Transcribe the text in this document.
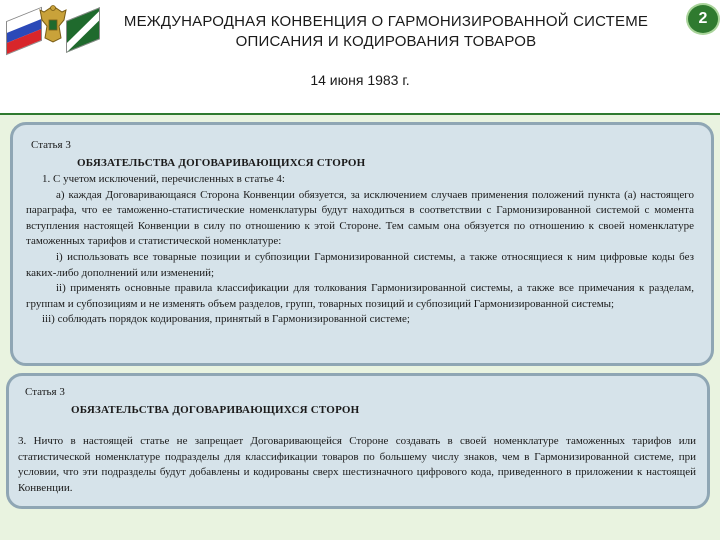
МЕЖДУНАРОДНАЯ КОНВЕНЦИЯ О ГАРМОНИЗИРОВАННОЙ СИСТЕМЕ
ОПИСАНИЯ И КОДИРОВАНИЯ ТОВАРОВ
14 июня 1983 г.
2
Статья 3
ОБЯЗАТЕЛЬСТВА ДОГОВАРИВАЮЩИХСЯ СТОРОН

1. С учетом исключений, перечисленных в статье 4:

а) каждая Договаривающаяся Сторона Конвенции обязуется, за исключением случаев применения положений пункта (а) настоящего параграфа, что ее таможенно-статистические номенклатуры будут находиться в соответствии с Гармонизированной системой с момента вступления настоящей Конвенции в силу по отношению к этой Стороне. Тем самым она обязуется по отношению к своей номенклатуре таможенных тарифов и статистической номенклатуре:

i) использовать все товарные позиции и субпозиции Гармонизированной системы, а также относящиеся к ним цифровые коды без каких-либо дополнений или изменений;

ii) применять основные правила классификации для толкования Гармонизированной системы, а также все примечания к разделам, группам и субпозициям и не изменять объем разделов, групп, товарных позиций и субпозиций Гармонизированной системы;

iii) соблюдать порядок кодирования, принятый в Гармонизированной системе;

Статья 3
ОБЯЗАТЕЛЬСТВА ДОГОВАРИВАЮЩИХСЯ СТОРОН

3. Ничто в настоящей статье не запрещает Договаривающейся Стороне создавать в своей номенклатуре таможенных тарифов или статистической номенклатуре подразделы для классификации товаров по большему числу знаков, чем в Гармонизированной системе, при условии, что эти подразделы будут добавлены и кодированы сверх шестизначного цифрового кода, приведенного в приложении к настоящей Конвенции.
